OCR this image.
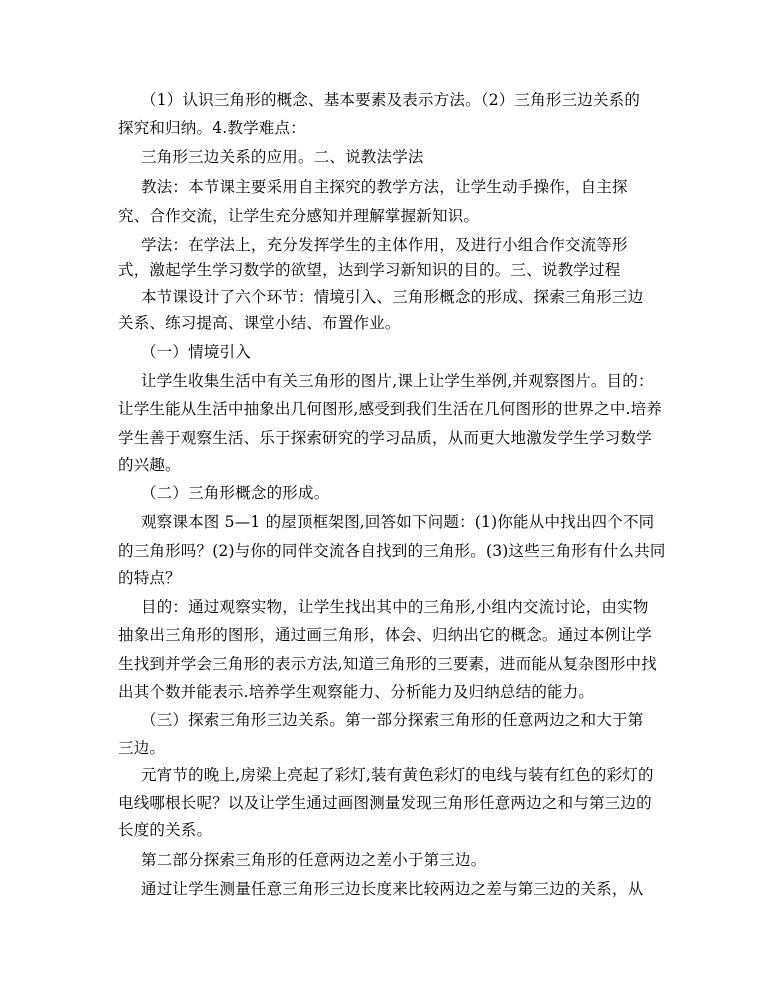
（1）认识三角形的概念、基本要素及表示方法。（2）三角形三边关系的
探究和归纳。4.教学难点：
三角形三边关系的应用。二、说教法学法
教法：本节课主要采用自主探究的教学方法，让学生动手操作，自主探
究、合作交流，让学生充分感知并理解掌握新知识。
学法：在学法上，充分发挥学生的主体作用，及进行小组合作交流等形
式，激起学生学习数学的欲望，达到学习新知识的目的。三、说教学过程
本节课设计了六个环节：情境引入、三角形概念的形成、探索三角形三边
关系、练习提高、课堂小结、布置作业。
（一）情境引入
让学生收集生活中有关三角形的图片,课上让学生举例,并观察图片。目的：
让学生能从生活中抽象出几何图形,感受到我们生活在几何图形的世界之中.培养
学生善于观察生活、乐于探索研究的学习品质，从而更大地激发学生学习数学
的兴趣。
（二）三角形概念的形成。
观察课本图 5—1 的屋顶框架图,回答如下问题：(1)你能从中找出四个不同
的三角形吗？(2)与你的同伴交流各自找到的三角形。(3)这些三角形有什么共同
的特点？
目的：通过观察实物，让学生找出其中的三角形,小组内交流讨论，由实物
抽象出三角形的图形，通过画三角形，体会、归纳出它的概念。通过本例让学
生找到并学会三角形的表示方法,知道三角形的三要素，进而能从复杂图形中找
出其个数并能表示.培养学生观察能力、分析能力及归纳总结的能力。
（三）探索三角形三边关系。第一部分探索三角形的任意两边之和大于第
三边。
元宵节的晚上,房梁上亮起了彩灯,装有黄色彩灯的电线与装有红色的彩灯的
电线哪根长呢？以及让学生通过画图测量发现三角形任意两边之和与第三边的
长度的关系。
第二部分探索三角形的任意两边之差小于第三边。
通过让学生测量任意三角形三边长度来比较两边之差与第三边的关系，从
